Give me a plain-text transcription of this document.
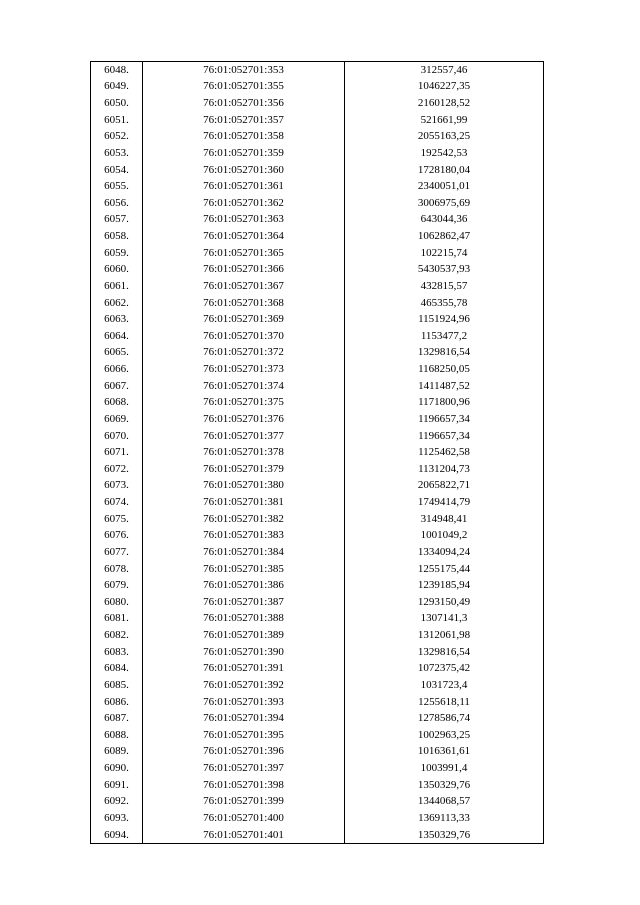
6048.	76:01:052701:353	312557,46
6049.	76:01:052701:355	1046227,35
6050.	76:01:052701:356	2160128,52
6051.	76:01:052701:357	521661,99
6052.	76:01:052701:358	2055163,25
6053.	76:01:052701:359	192542,53
6054.	76:01:052701:360	1728180,04
6055.	76:01:052701:361	2340051,01
6056.	76:01:052701:362	3006975,69
6057.	76:01:052701:363	643044,36
6058.	76:01:052701:364	1062862,47
6059.	76:01:052701:365	102215,74
6060.	76:01:052701:366	5430537,93
6061.	76:01:052701:367	432815,57
6062.	76:01:052701:368	465355,78
6063.	76:01:052701:369	1151924,96
6064.	76:01:052701:370	1153477,2
6065.	76:01:052701:372	1329816,54
6066.	76:01:052701:373	1168250,05
6067.	76:01:052701:374	1411487,52
6068.	76:01:052701:375	1171800,96
6069.	76:01:052701:376	1196657,34
6070.	76:01:052701:377	1196657,34
6071.	76:01:052701:378	1125462,58
6072.	76:01:052701:379	1131204,73
6073.	76:01:052701:380	2065822,71
6074.	76:01:052701:381	1749414,79
6075.	76:01:052701:382	314948,41
6076.	76:01:052701:383	1001049,2
6077.	76:01:052701:384	1334094,24
6078.	76:01:052701:385	1255175,44
6079.	76:01:052701:386	1239185,94
6080.	76:01:052701:387	1293150,49
6081.	76:01:052701:388	1307141,3
6082.	76:01:052701:389	1312061,98
6083.	76:01:052701:390	1329816,54
6084.	76:01:052701:391	1072375,42
6085.	76:01:052701:392	1031723,4
6086.	76:01:052701:393	1255618,11
6087.	76:01:052701:394	1278586,74
6088.	76:01:052701:395	1002963,25
6089.	76:01:052701:396	1016361,61
6090.	76:01:052701:397	1003991,4
6091.	76:01:052701:398	1350329,76
6092.	76:01:052701:399	1344068,57
6093.	76:01:052701:400	1369113,33
6094.	76:01:052701:401	1350329,76
